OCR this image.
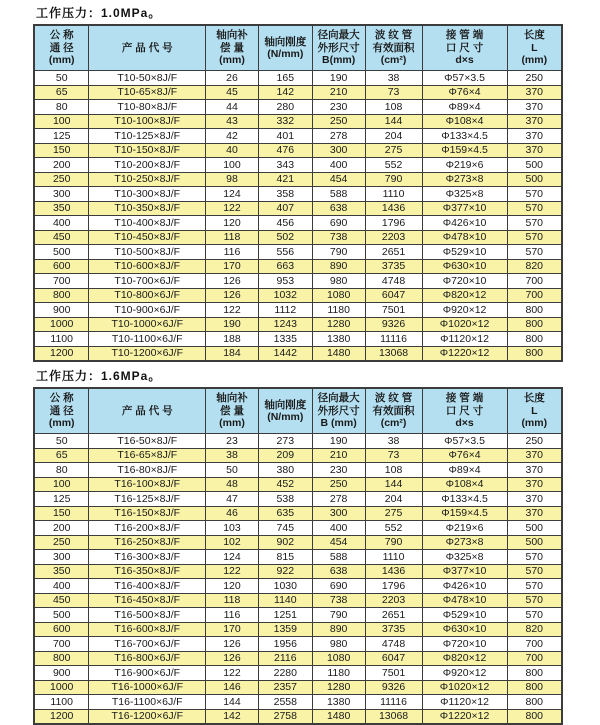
工作压力：1.0MPa。
公 称
通 径
(mm)	产 品 代 号	轴向补
偿 量
(mm)	轴向刚度
(N/mm)	径向最大
外形尺寸
B(mm)	波 纹 管
有效面积
(cm²)	接 管 端
口 尺 寸
d×s	长度
L
(mm)

50	T10-50×8J/F	26	165	190	38	Φ57×3.5	250
65	T10-65×8J/F	45	142	210	73	Φ76×4	370
80	T10-80×8J/F	44	280	230	108	Φ89×4	370
100	T10-100×8J/F	43	332	250	144	Φ108×4	370
125	T10-125×8J/F	42	401	278	204	Φ133×4.5	370
150	T10-150×8J/F	40	476	300	275	Φ159×4.5	370
200	T10-200×8J/F	100	343	400	552	Φ219×6	500
250	T10-250×8J/F	98	421	454	790	Φ273×8	500
300	T10-300×8J/F	124	358	588	1110	Φ325×8	570
350	T10-350×8J/F	122	407	638	1436	Φ377×10	570
400	T10-400×8J/F	120	456	690	1796	Φ426×10	570
450	T10-450×8J/F	118	502	738	2203	Φ478×10	570
500	T10-500×8J/F	116	556	790	2651	Φ529×10	570
600	T10-600×8J/F	170	663	890	3735	Φ630×10	820
700	T10-700×6J/F	126	953	980	4748	Φ720×10	700
800	T10-800×6J/F	126	1032	1080	6047	Φ820×12	700
900	T10-900×6J/F	122	1112	1180	7501	Φ920×12	800
1000	T10-1000×6J/F	190	1243	1280	9326	Φ1020×12	800
1100	T10-1100×6J/F	188	1335	1380	11116	Φ1120×12	800
1200	T10-1200×6J/F	184	1442	1480	13068	Φ1220×12	800
工作压力：1.6MPa。
公 称
通 径
(mm)	产 品 代 号	轴向补
偿 量
(mm)	轴向刚度
(N/mm)	径向最大
外形尺寸
B (mm)	波 纹 管
有效面积
(cm²)	接 管 端
口 尺 寸
d×s	长度
L
(mm)

50	T16-50×8J/F	23	273	190	38	Φ57×3.5	250
65	T16-65×8J/F	38	209	210	73	Φ76×4	370
80	T16-80×8J/F	50	380	230	108	Φ89×4	370
100	T16-100×8J/F	48	452	250	144	Φ108×4	370
125	T16-125×8J/F	47	538	278	204	Φ133×4.5	370
150	T16-150×8J/F	46	635	300	275	Φ159×4.5	370
200	T16-200×8J/F	103	745	400	552	Φ219×6	500
250	T16-250×8J/F	102	902	454	790	Φ273×8	500
300	T16-300×8J/F	124	815	588	1110	Φ325×8	570
350	T16-350×8J/F	122	922	638	1436	Φ377×10	570
400	T16-400×8J/F	120	1030	690	1796	Φ426×10	570
450	T16-450×8J/F	118	1140	738	2203	Φ478×10	570
500	T16-500×8J/F	116	1251	790	2651	Φ529×10	570
600	T16-600×8J/F	170	1359	890	3735	Φ630×10	820
700	T16-700×6J/F	126	1956	980	4748	Φ720×10	700
800	T16-800×6J/F	126	2116	1080	6047	Φ820×12	700
900	T16-900×6J/F	122	2280	1180	7501	Φ920×12	800
1000	T16-1000×6J/F	146	2357	1280	9326	Φ1020×12	800
1100	T16-1100×6J/F	144	2558	1380	11116	Φ1120×12	800
1200	T16-1200×6J/F	142	2758	1480	13068	Φ1220×12	800
